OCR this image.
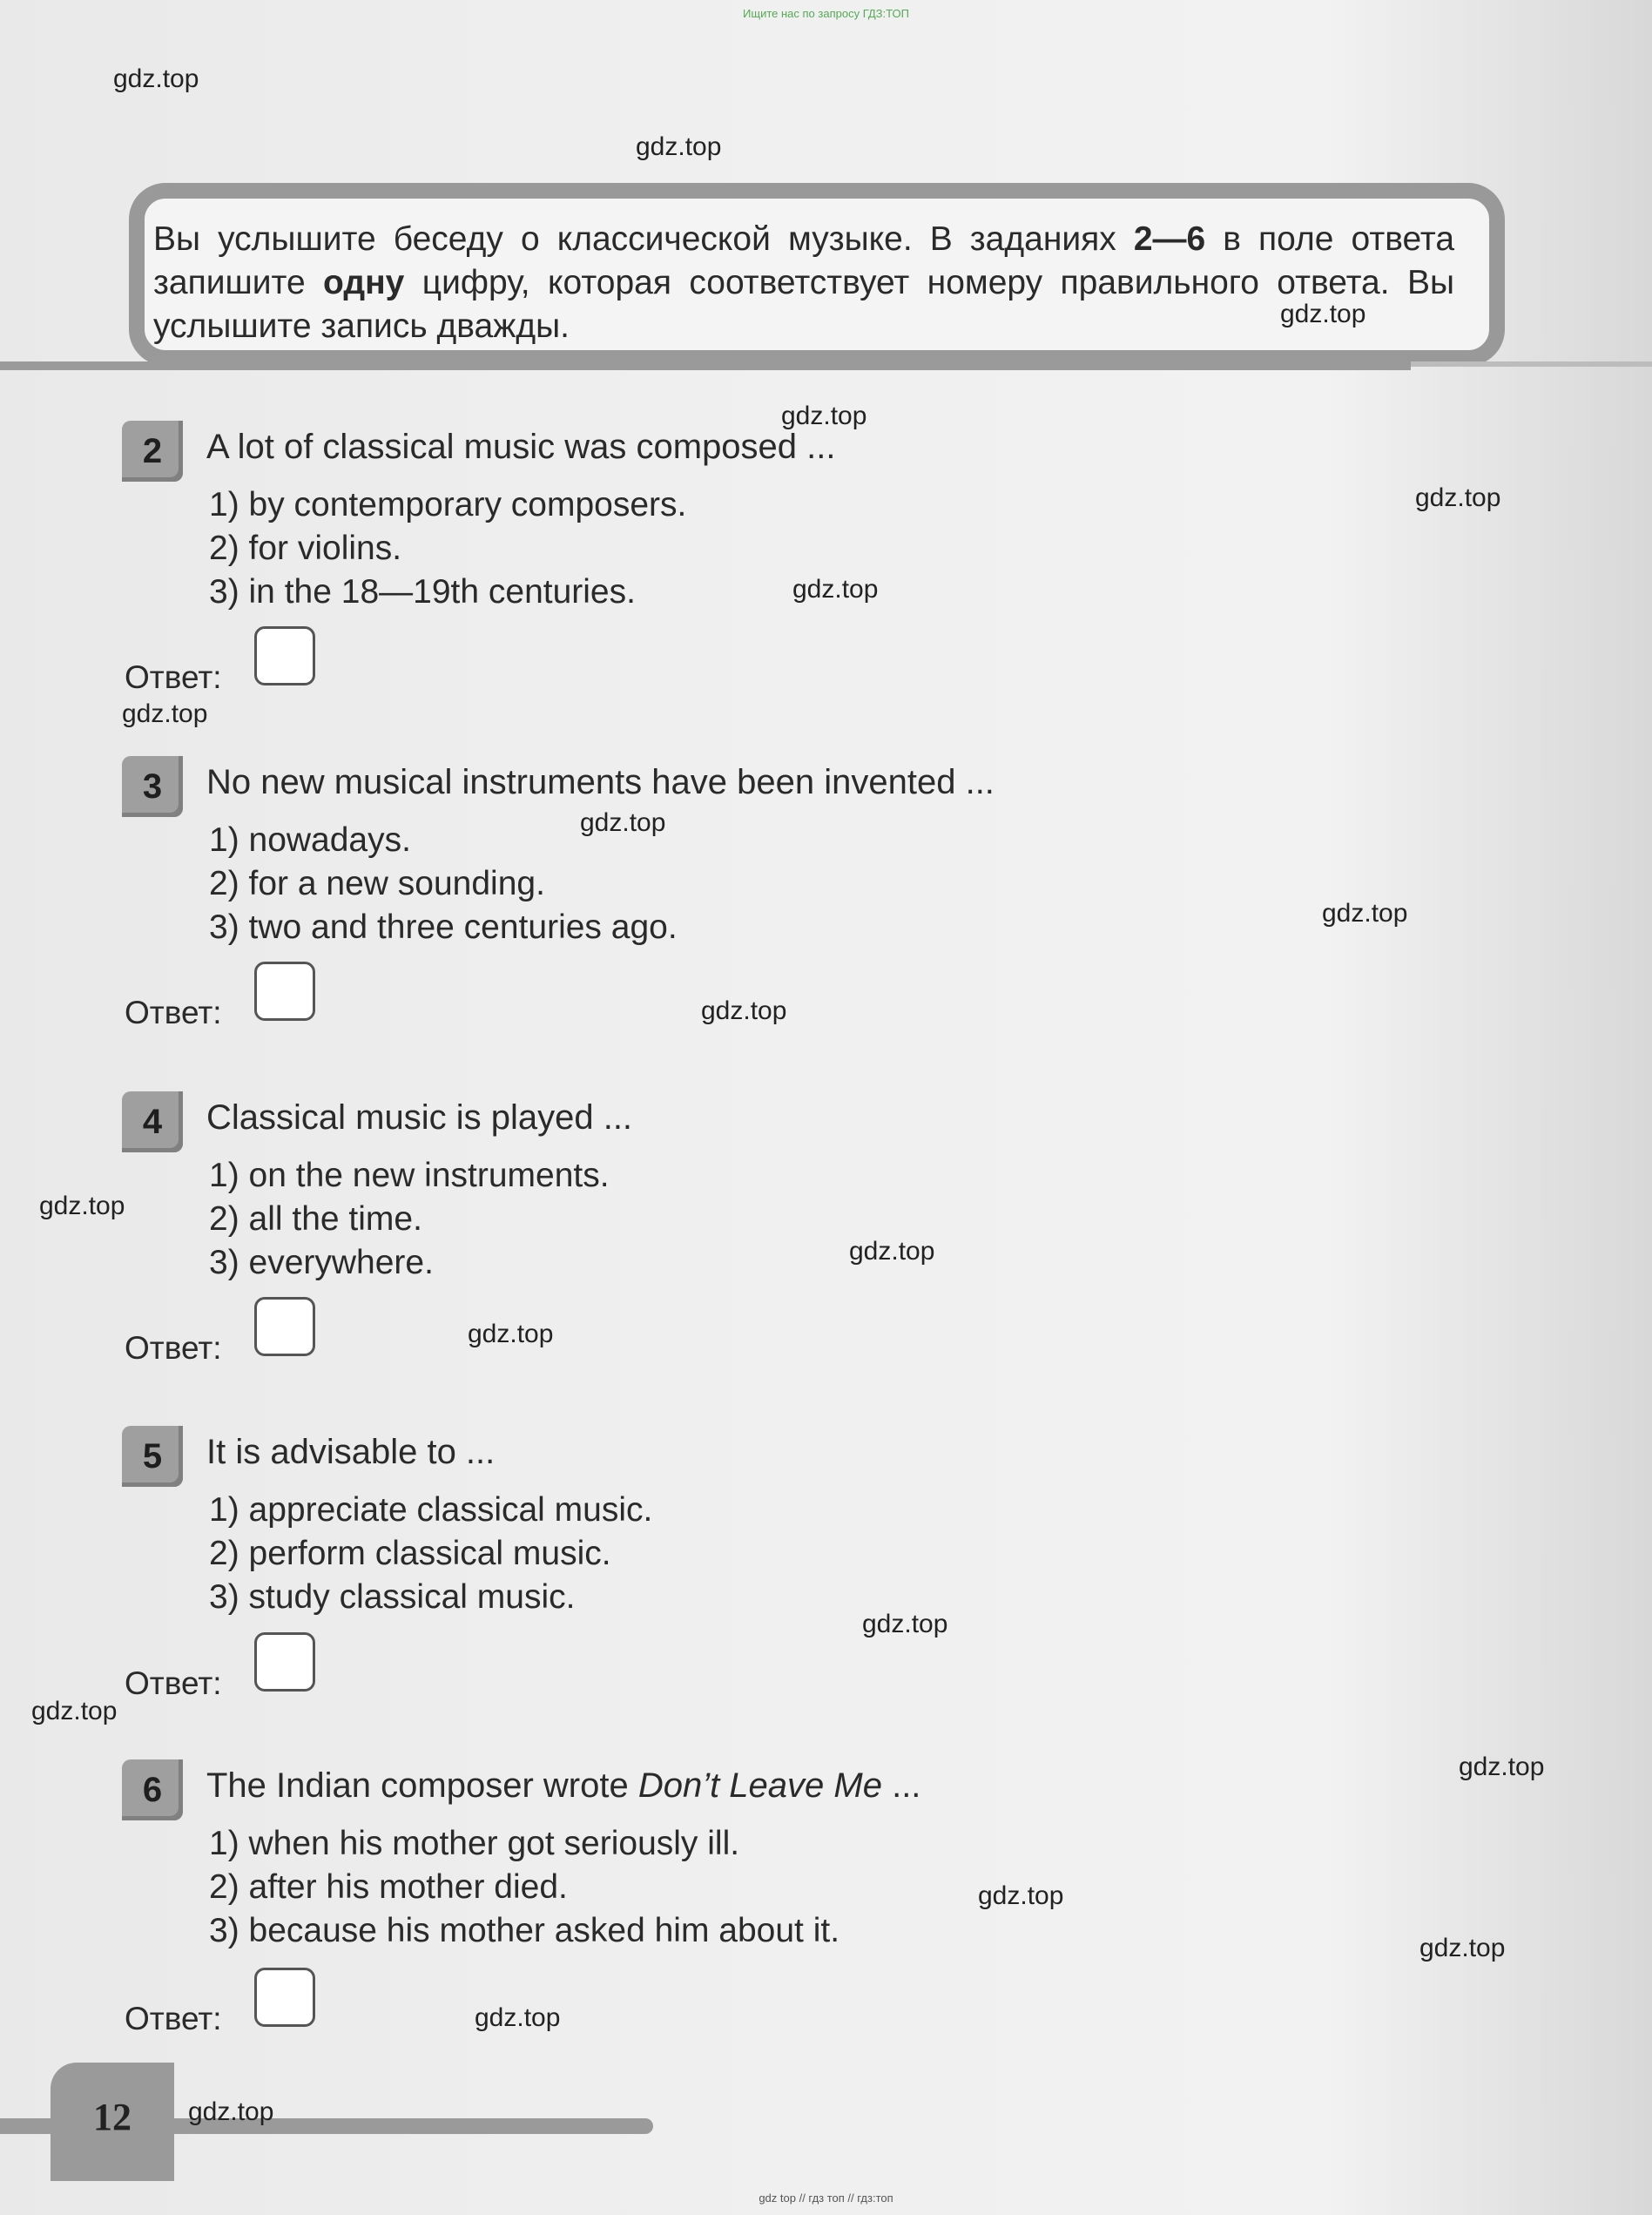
Ищите нас по запросу ГДЗ:ТОП
gdz.top
gdz.top
Вы услышите беседу о классической музыке. В заданиях 2—6 в поле ответа запишите одну цифру, которая соответствует номеру правильного ответа. Вы услышите запись дважды.	gdz.top
2	A lot of classical music was composed ...
1) by contemporary composers.
2) for violins.
3) in the 18—19th centuries.
Ответ:
gdz.top
gdz.top
gdz.top
gdz.top
3	No new musical instruments have been invented ...
1) nowadays.
2) for a new sounding.
3) two and three centuries ago.
Ответ:
gdz.top
gdz.top
gdz.top
4	Classical music is played ...
1) on the new instruments.
2) all the time.
3) everywhere.
Ответ:
gdz.top
gdz.top
gdz.top
5	It is advisable to ...
1) appreciate classical music.
2) perform classical music.
3) study classical music.
Ответ:
gdz.top
gdz.top
gdz.top
6	The Indian composer wrote Don’t Leave Me ...
1) when his mother got seriously ill.
2) after his mother died.
3) because his mother asked him about it.
Ответ:
gdz.top
gdz.top
gdz.top
12	gdz.top
gdz top // гдз топ // гдз:топ
